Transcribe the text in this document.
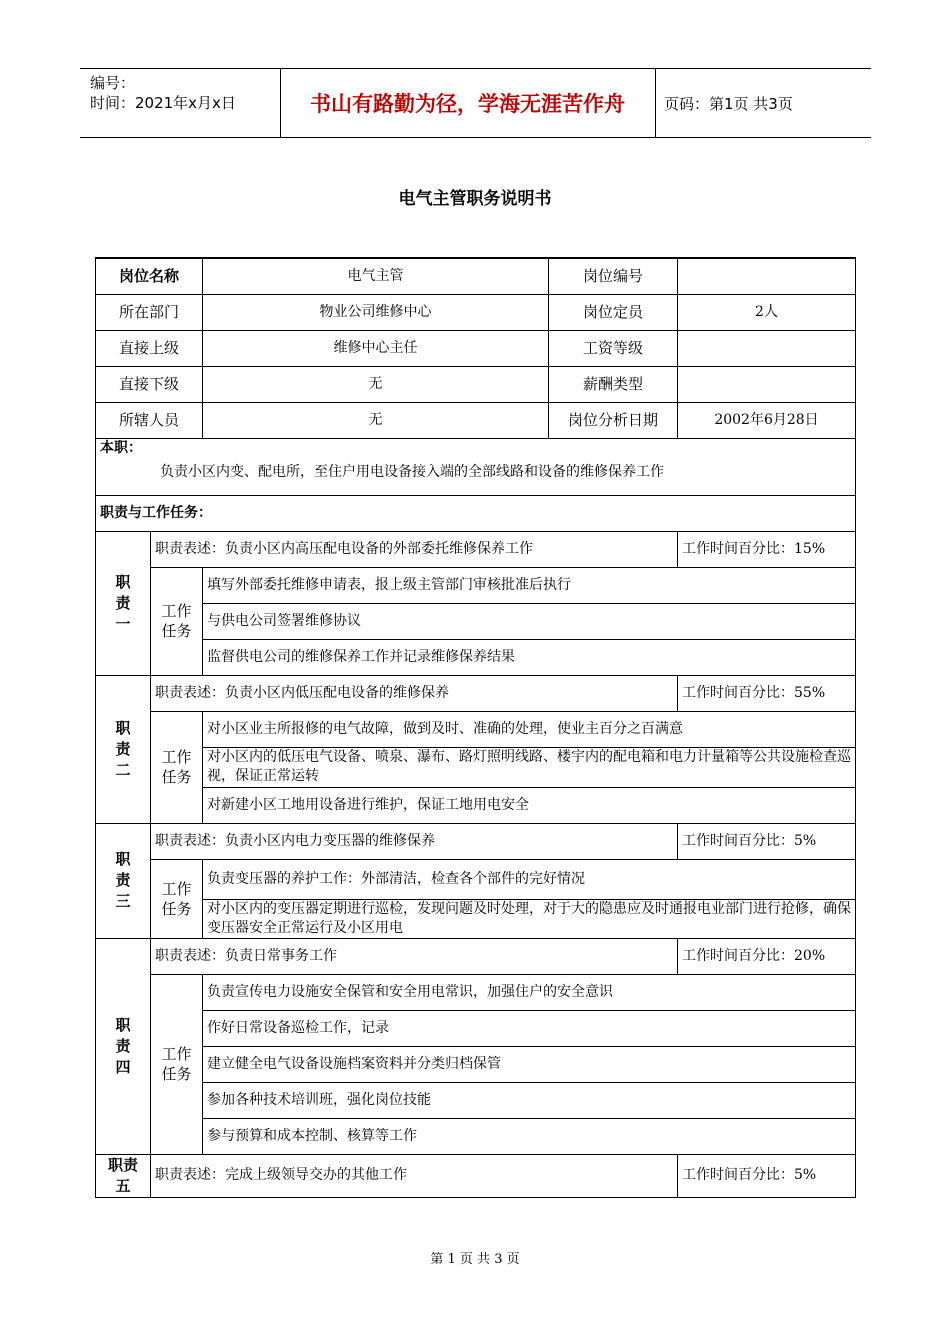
编号：
时间：2021年x月x日	书山有路勤为径，学海无涯苦作舟	页码：第1页 共3页
电气主管职务说明书
岗位名称		电气主管	岗位编号	
所在部门		物业公司维修中心	岗位定员	2人
直接上级		维修中心主任	工资等级	
直接下级		无	薪酬类型	
所辖人员		无	岗位分析日期	2002年6月28日

本职：
负责小区内变、配电所，至住户用电设备接入端的全部线路和设备的维修保养工作				

职责与工作任务：				
职责一	职责表述：负责小区内高压配电设备的外部委托维修保养工作			工作时间百分比：15%
	工作任务	填写外部委托维修申请表，报上级主管部门审核批准后执行		
		与供电公司签署维修协议		
		监督供电公司的维修保养工作并记录维修保养结果		
职责二	职责表述：负责小区内低压配电设备的维修保养			工作时间百分比：55%
	工作任务	对小区业主所报修的电气故障，做到及时、准确的处理，使业主百分之百满意		
		对小区内的低压电气设备、喷泉、瀑布、路灯照明线路、楼宇内的配电箱和电力计量箱等公共设施检查巡视，保证正常运转		
		对新建小区工地用设备进行维护，保证工地用电安全		
职责三	职责表述：负责小区内电力变压器的维修保养			工作时间百分比：5%
	工作任务	负责变压器的养护工作：外部清洁，检查各个部件的完好情况		
		对小区内的变压器定期进行巡检，发现问题及时处理，对于大的隐患应及时通报电业部门进行抢修，确保变压器安全正常运行及小区用电		
职责四	职责表述：负责日常事务工作			工作时间百分比：20%
	工作任务	负责宣传电力设施安全保管和安全用电常识，加强住户的安全意识		
		作好日常设备巡检工作，记录		
		建立健全电气设备设施档案资料并分类归档保管		
		参加各种技术培训班，强化岗位技能		
		参与预算和成本控制、核算等工作		
职责五	职责表述：完成上级领导交办的其他工作			工作时间百分比：5%
第 1 页 共 3 页
